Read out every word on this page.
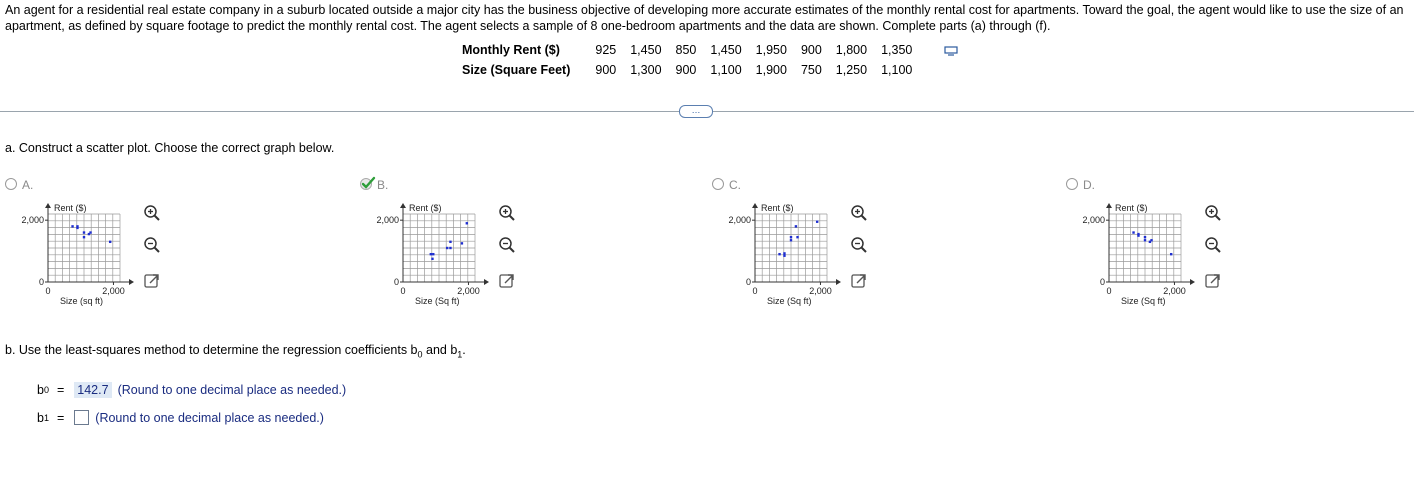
An agent for a residential real estate company in a suburb located outside a major city has the business objective of developing more accurate estimates of the monthly rental cost for apartments. Toward the goal, the agent would like to use the size of an apartment, as defined by square footage to predict the monthly rental cost. The agent selects a sample of 8 one-bedroom apartments and the data are shown. Complete parts (a) through (f).
Monthly Rent ($)	925	1,450	850	1,450	1,950	900	1,800	1,350
Size (Square Feet)	900	1,300	900	1,100	1,900	750	1,250	1,100
…
a. Construct a scatter plot. Choose the correct graph below.
A.
Rent ($)
2,000
0
0	2,000
Size (sq ft)
B.
Rent ($)
2,000
0
0	2,000
Size (Sq ft)
C.
Rent ($)
2,000
0
0	2,000
Size (Sq ft)
D.
Rent ($)
2,000
0
0	2,000
Size (Sq ft)
b. Use the least-squares method to determine the regression coefficients $b_0$ and $b_1$.
b 0 = 142.7 (Round to one decimal place as needed.)
b 1 = (Round to one decimal place as needed.)
